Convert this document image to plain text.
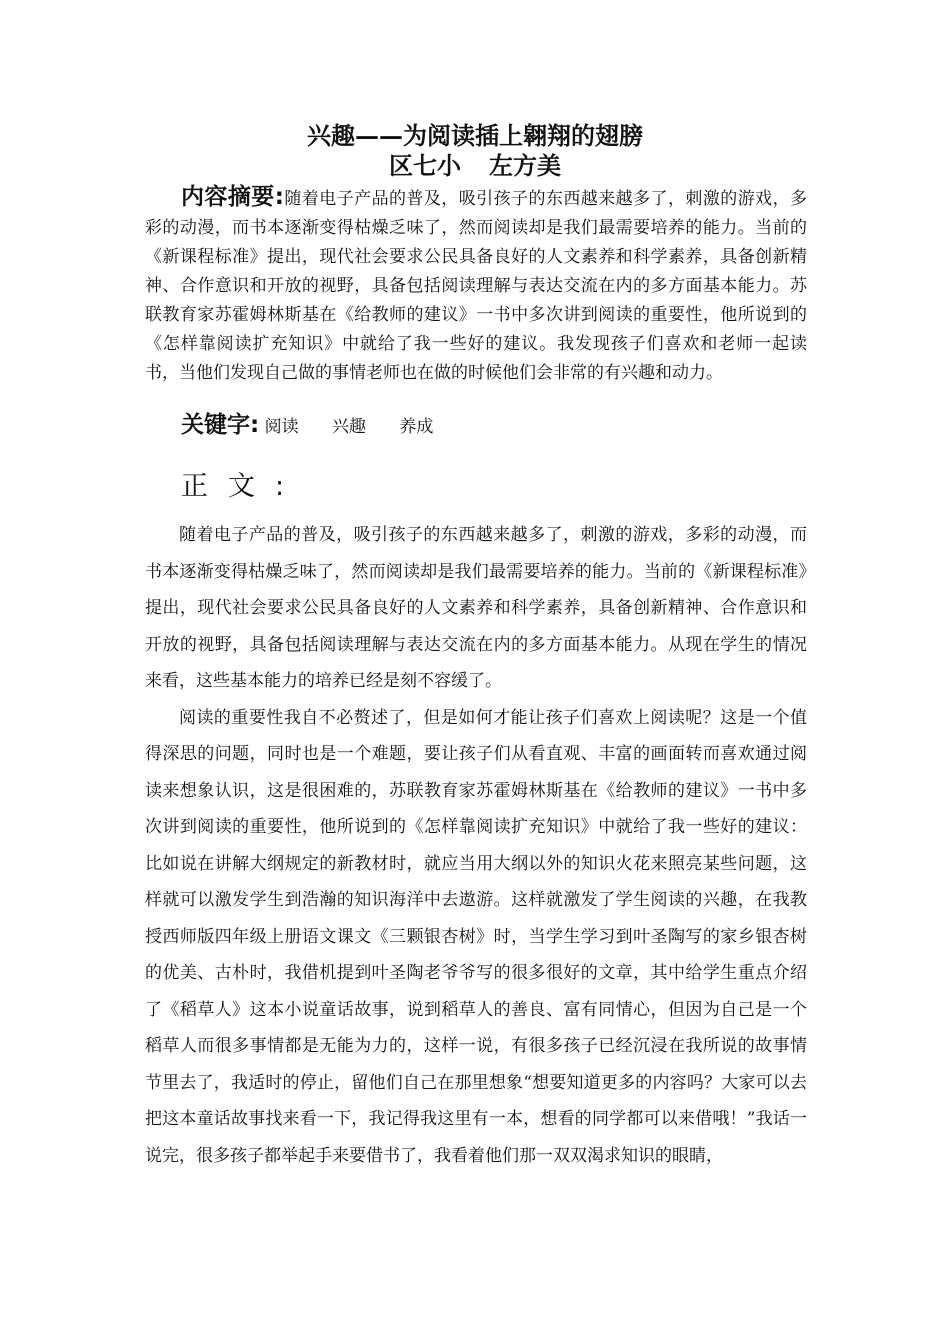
兴趣——为阅读插上翱翔的翅膀
区七小 左方美
内容摘要:随着电子产品的普及，吸引孩子的东西越来越多了，刺激的游戏，多彩的动漫，而书本逐渐变得枯燥乏味了，然而阅读却是我们最需要培养的能力。当前的《新课程标准》提出，现代社会要求公民具备良好的人文素养和科学素养，具备创新精神、合作意识和开放的视野，具备包括阅读理解与表达交流在内的多方面基本能力。苏联教育家苏霍姆林斯基在《给教师的建议》一书中多次讲到阅读的重要性，他所说到的《怎样靠阅读扩充知识》中就给了我一些好的建议。我发现孩子们喜欢和老师一起读书，当他们发现自己做的事情老师也在做的时候他们会非常的有兴趣和动力。
关键字: 阅读 兴趣 养成
正文:

随着电子产品的普及，吸引孩子的东西越来越多了，刺激的游戏，多彩的动漫，而书本逐渐变得枯燥乏味了，然而阅读却是我们最需要培养的能力。当前的《新课程标准》提出，现代社会要求公民具备良好的人文素养和科学素养，具备创新精神、合作意识和开放的视野，具备包括阅读理解与表达交流在内的多方面基本能力。从现在学生的情况来看，这些基本能力的培养已经是刻不容缓了。

阅读的重要性我自不必赘述了，但是如何才能让孩子们喜欢上阅读呢？这是一个值得深思的问题，同时也是一个难题，要让孩子们从看直观、丰富的画面转而喜欢通过阅读来想象认识，这是很困难的，苏联教育家苏霍姆林斯基在《给教师的建议》一书中多次讲到阅读的重要性，他所说到的《怎样靠阅读扩充知识》中就给了我一些好的建议：比如说在讲解大纲规定的新教材时，就应当用大纲以外的知识火花来照亮某些问题，这样就可以激发学生到浩瀚的知识海洋中去遨游。这样就激发了学生阅读的兴趣，在我教授西师版四年级上册语文课文《三颗银杏树》时，当学生学习到叶圣陶写的家乡银杏树的优美、古朴时，我借机提到叶圣陶老爷爷写的很多很好的文章，其中给学生重点介绍了《稻草人》这本小说童话故事，说到稻草人的善良、富有同情心，但因为自己是一个稻草人而很多事情都是无能为力的，这样一说，有很多孩子已经沉浸在我所说的故事情节里去了，我适时的停止，留他们自己在那里想象“想要知道更多的内容吗？大家可以去把这本童话故事找来看一下，我记得我这里有一本，想看的同学都可以来借哦！”我话一说完，很多孩子都举起手来要借书了，我看着他们那一双双渴求知识的眼睛，
